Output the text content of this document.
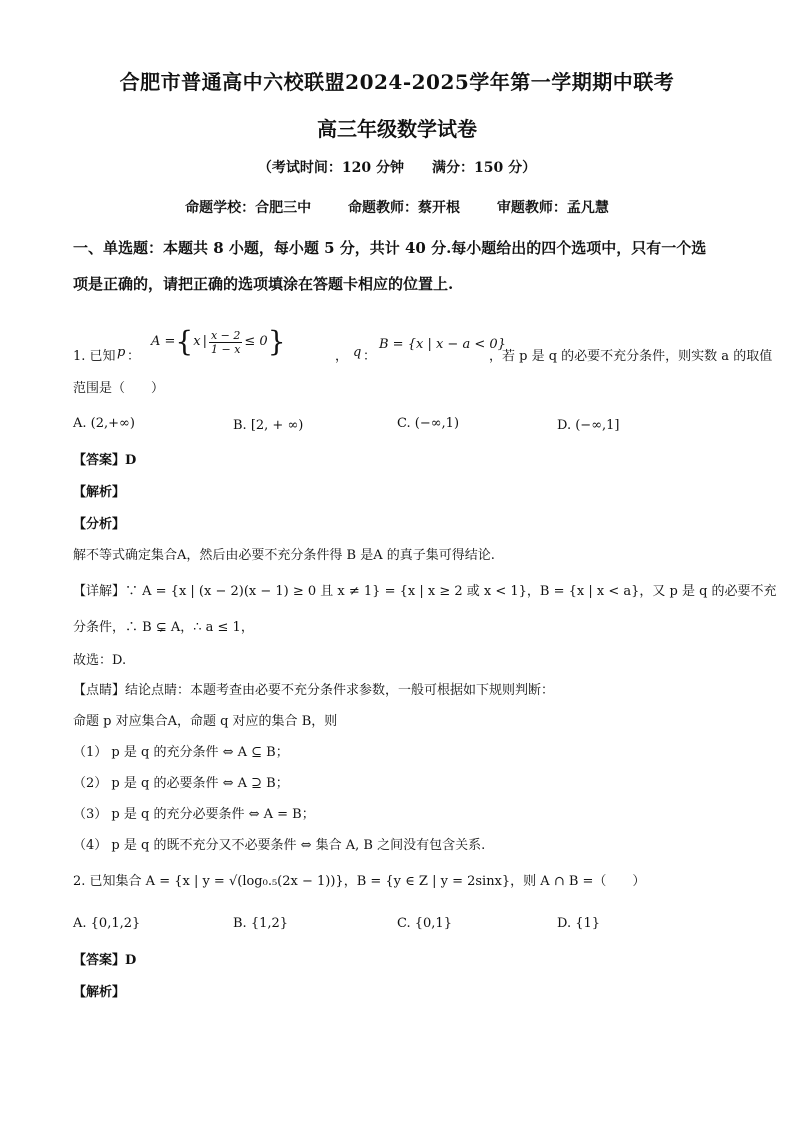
合肥市普通高中六校联盟2024-2025学年第一学期期中联考
高三年级数学试卷
（考试时间：120 分钟　　满分：150 分）
命题学校：合肥三中	命题教师：蔡开根	审题教师：孟凡慧
一、单选题：本题共 8 小题，每小题 5 分，共计 40 分.每小题给出的四个选项中，只有一个选
项是正确的，请把正确的选项填涂在答题卡相应的位置上.
1. 已知 p ：
A = { x | $\frac{x - 2}{1 - x} \le 0$ }	， q ：
B = {x | x − a < 0}
，若 p 是 q 的必要不充分条件，则实数 a 的取值
范围是（　　）
A. (2,+∞)	B. [2, + ∞)	C. (−∞,1)	D. (−∞,1]
【答案】D
【解析】
【分析】
解不等式确定集合A，然后由必要不充分条件得 B 是A 的真子集可得结论.
【详解】∵ A = {x | (x − 2)(x − 1) ≥ 0 且 x ≠ 1} = {x | x ≥ 2 或 x < 1}，B = {x | x < a}，又 p 是 q 的必要不充
分条件，∴ B ⊊ A，∴ a ≤ 1，
故选：D.
【点睛】结论点睛：本题考查由必要不充分条件求参数，一般可根据如下规则判断：
命题 p 对应集合A，命题 q 对应的集合 B，则
（1） p 是 q 的充分条件 ⇔ A ⊆ B；
（2） p 是 q 的必要条件 ⇔ A ⊇ B；
（3） p 是 q 的充分必要条件 ⇔ A = B；
（4） p 是 q 的既不充分又不必要条件 ⇔ 集合 A, B 之间没有包含关系.
2. 已知集合 A = {x | y = √(log₀.₅(2x − 1))}，B = {y ∈ Z | y = 2sinx}，则 A ∩ B =（　　）
A. {0,1,2}	B. {1,2}	C. {0,1}	D. {1}
【答案】D
【解析】
